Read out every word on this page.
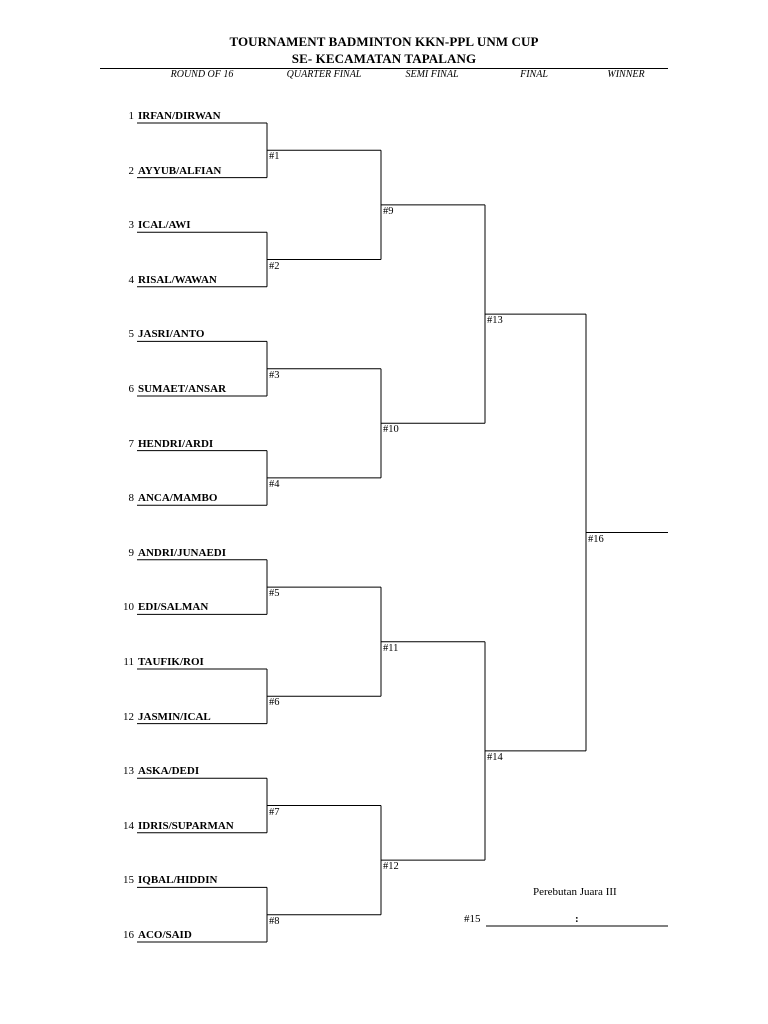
TOURNAMENT BADMINTON KKN-PPL UNM CUP
SE- KECAMATAN TAPALANG
ROUND OF 16	QUARTER FINAL	SEMI FINAL	FINAL	WINNER
1 IRFAN/DIRWAN
2 AYYUB/ALFIAN
3 ICAL/AWI
4 RISAL/WAWAN
5 JASRI/ANTO
6 SUMAET/ANSAR
7 HENDRI/ARDI
8 ANCA/MAMBO
9 ANDRI/JUNAEDI
10 EDI/SALMAN
11 TAUFIK/ROI
12 JASMIN/ICAL
13 ASKA/DEDI
14 IDRIS/SUPARMAN
15 IQBAL/HIDDIN
16 ACO/SAID
#1
#2
#3
#4
#5
#6
#7
#8
#9
#10
#11
#12
#13
#14
#16
Perebutan Juara III
#15	:
